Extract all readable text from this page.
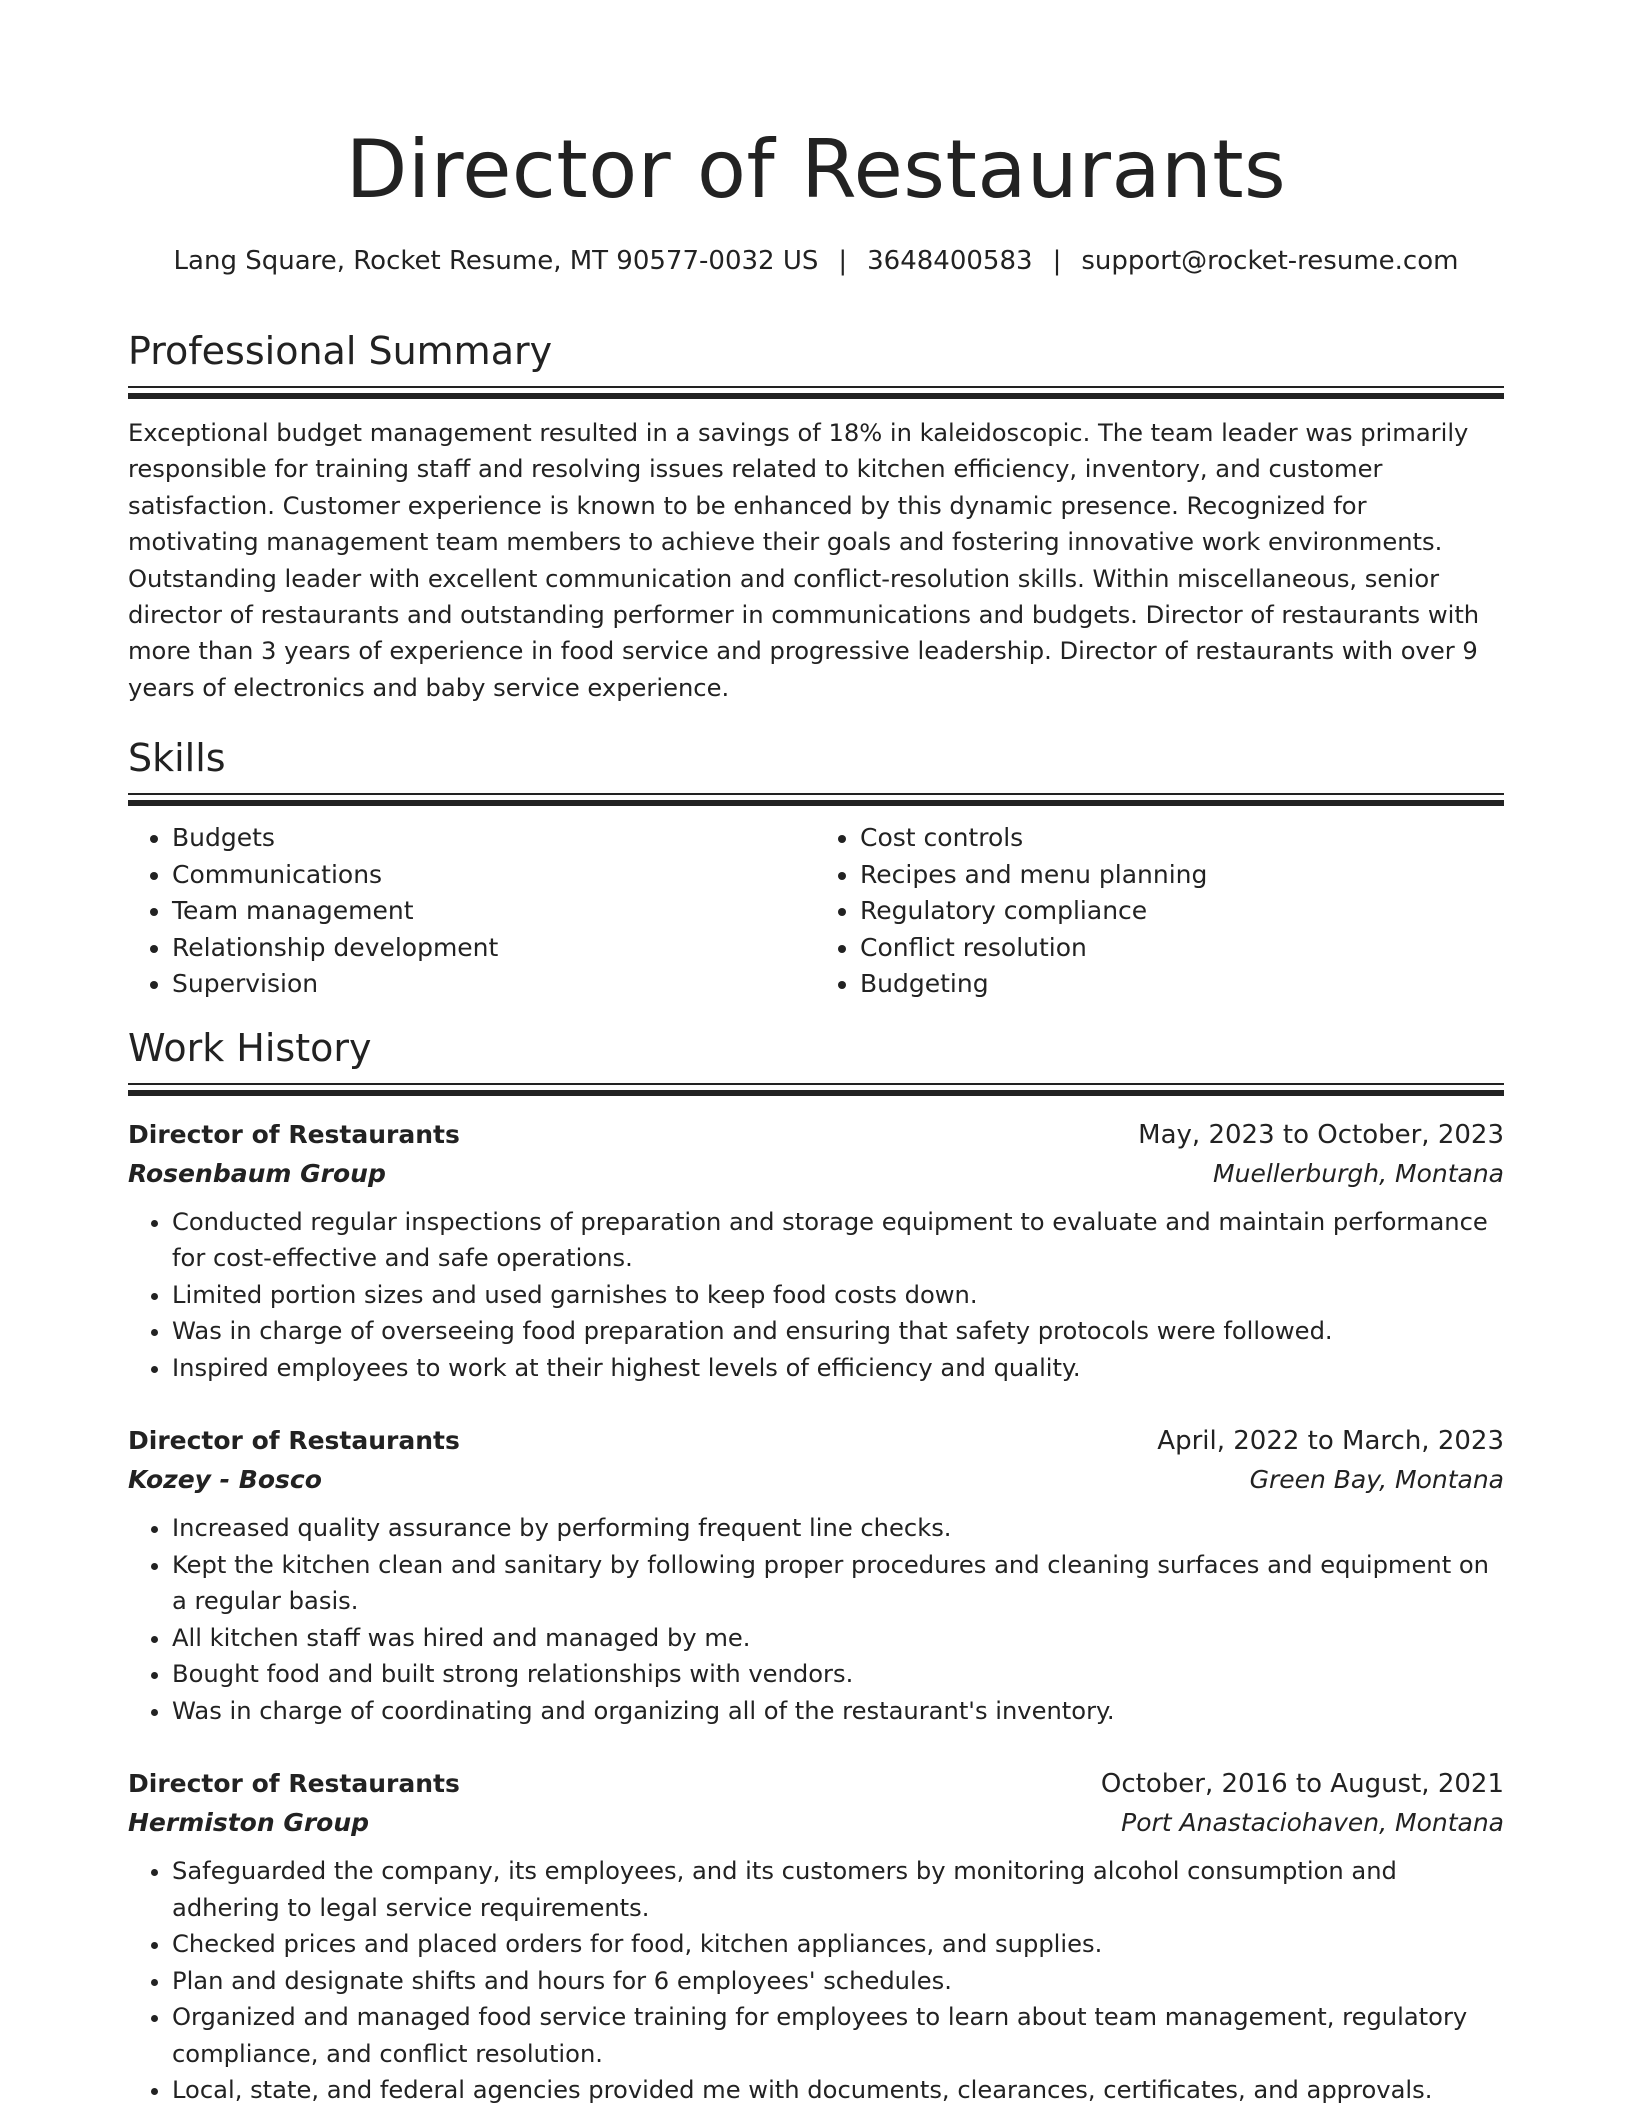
Director of Restaurants
Lang Square, Rocket Resume, MT 90577-0032 US | 3648400583 | support@rocket-resume.com
Professional Summary

Exceptional budget management resulted in a savings of 18% in kaleidoscopic. The team leader was primarily responsible for training staff and resolving issues related to kitchen efficiency, inventory, and customer satisfaction. Customer experience is known to be enhanced by this dynamic presence. Recognized for motivating management team members to achieve their goals and fostering innovative work environments. Outstanding leader with excellent communication and conflict-resolution skills. Within miscellaneous, senior director of restaurants and outstanding performer in communications and budgets. Director of restaurants with more than 3 years of experience in food service and progressive leadership. Director of restaurants with over 9 years of electronics and baby service experience.

Skills
• Budgets
• Communications
• Team management
• Relationship development
• Supervision
• Cost controls
• Recipes and menu planning
• Regulatory compliance
• Conflict resolution
• Budgeting
Work History
Director of Restaurants	May, 2023 to October, 2023
Rosenbaum Group	Muellerburgh, Montana
• Conducted regular inspections of preparation and storage equipment to evaluate and maintain performance for cost-effective and safe operations.
• Limited portion sizes and used garnishes to keep food costs down.
• Was in charge of overseeing food preparation and ensuring that safety protocols were followed.
• Inspired employees to work at their highest levels of efficiency and quality.
Director of Restaurants	April, 2022 to March, 2023
Kozey - Bosco	Green Bay, Montana
• Increased quality assurance by performing frequent line checks.
• Kept the kitchen clean and sanitary by following proper procedures and cleaning surfaces and equipment on a regular basis.
• All kitchen staff was hired and managed by me.
• Bought food and built strong relationships with vendors.
• Was in charge of coordinating and organizing all of the restaurant's inventory.
Director of Restaurants	October, 2016 to August, 2021
Hermiston Group	Port Anastaciohaven, Montana
• Safeguarded the company, its employees, and its customers by monitoring alcohol consumption and adhering to legal service requirements.
• Checked prices and placed orders for food, kitchen appliances, and supplies.
• Plan and designate shifts and hours for 6 employees' schedules.
• Organized and managed food service training for employees to learn about team management, regulatory compliance, and conflict resolution.
• Local, state, and federal agencies provided me with documents, clearances, certificates, and approvals.
